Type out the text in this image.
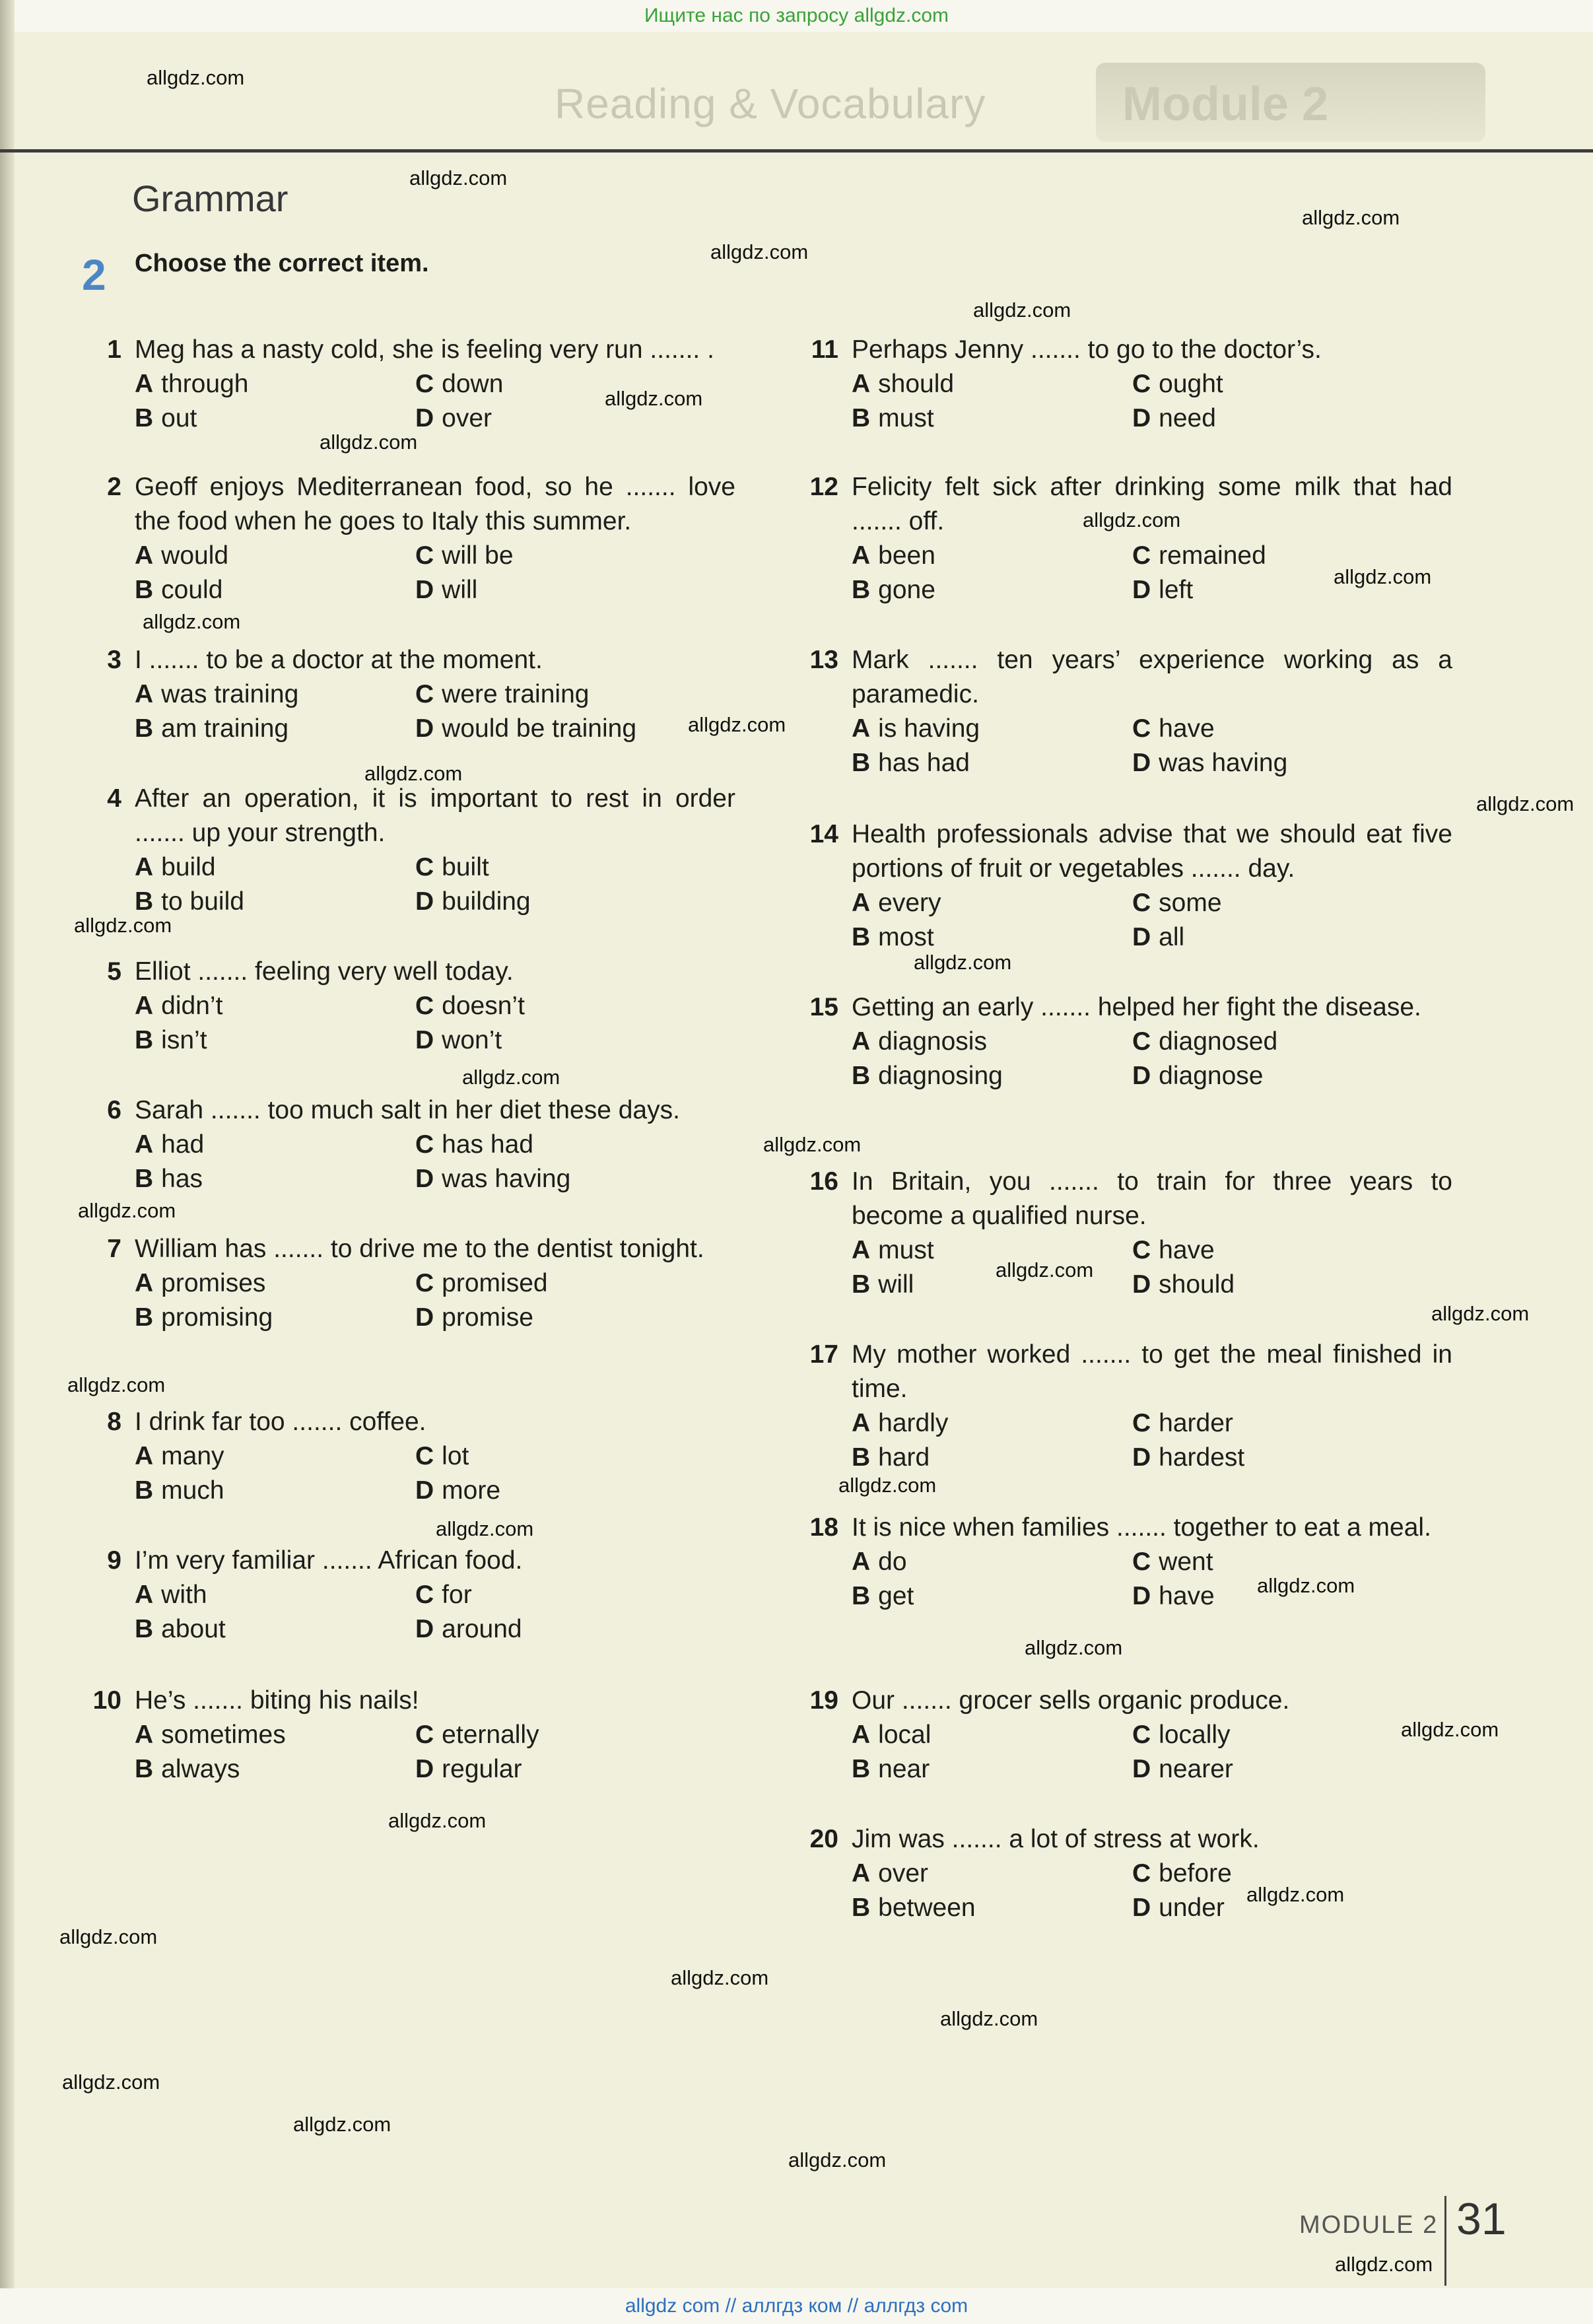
Ищите нас по запросу allgdz.com
Reading & Vocabulary	Module 2
Grammar
2 Choose the correct item.
1 Meg has a nasty cold, she is feeling very run ....... .
A through	C down
B out	D over
2 Geoff enjoys Mediterranean food, so he ....... love the food when he goes to Italy this summer.
A would	C will be
B could	D will
3 I ....... to be a doctor at the moment.
A was training	C were training
B am training	D would be training
4 After an operation, it is important to rest in order ....... up your strength.
A build	C built
B to build	D building
5 Elliot ....... feeling very well today.
A didn’t	C doesn’t
B isn’t	D won’t
6 Sarah ....... too much salt in her diet these days.
A had	C has had
B has	D was having
7 William has ....... to drive me to the dentist tonight.
A promises	C promised
B promising	D promise
8 I drink far too ....... coffee.
A many	C lot
B much	D more
9 I’m very familiar ....... African food.
A with	C for
B about	D around
10 He’s ....... biting his nails!
A sometimes	C eternally
B always	D regular
11 Perhaps Jenny ....... to go to the doctor’s.
A should	C ought
B must	D need
12 Felicity felt sick after drinking some milk that had ....... off.
A been	C remained
B gone	D left
13 Mark ....... ten years’ experience working as a paramedic.
A is having	C have
B has had	D was having
14 Health professionals advise that we should eat five portions of fruit or vegetables ....... day.
A every	C some
B most	D all
15 Getting an early ....... helped her fight the disease.
A diagnosis	C diagnosed
B diagnosing	D diagnose
16 In Britain, you ....... to train for three years to become a qualified nurse.
A must	C have
B will	D should
17 My mother worked ....... to get the meal finished in time.
A hardly	C harder
B hard	D hardest
18 It is nice when families ....... together to eat a meal.
A do	C went
B get	D have
19 Our ....... grocer sells organic produce.
A local	C locally
B near	D nearer
20 Jim was ....... a lot of stress at work.
A over	C before
B between	D under
allgdz.com
allgdz.com
allgdz.com
allgdz.com
allgdz.com
allgdz.com
allgdz.com
allgdz.com
allgdz.com
allgdz.com
allgdz.com
allgdz.com
allgdz.com
allgdz.com
allgdz.com
allgdz.com
allgdz.com
allgdz.com
allgdz.com
allgdz.com
allgdz.com
allgdz.com
allgdz.com
allgdz.com
allgdz.com
allgdz.com
allgdz.com
allgdz.com
allgdz.com
allgdz.com
allgdz.com
allgdz.com
allgdz.com
allgdz.com
allgdz.com
MODULE 2 31
allgdz com // аллгдз ком // аллгдз com
